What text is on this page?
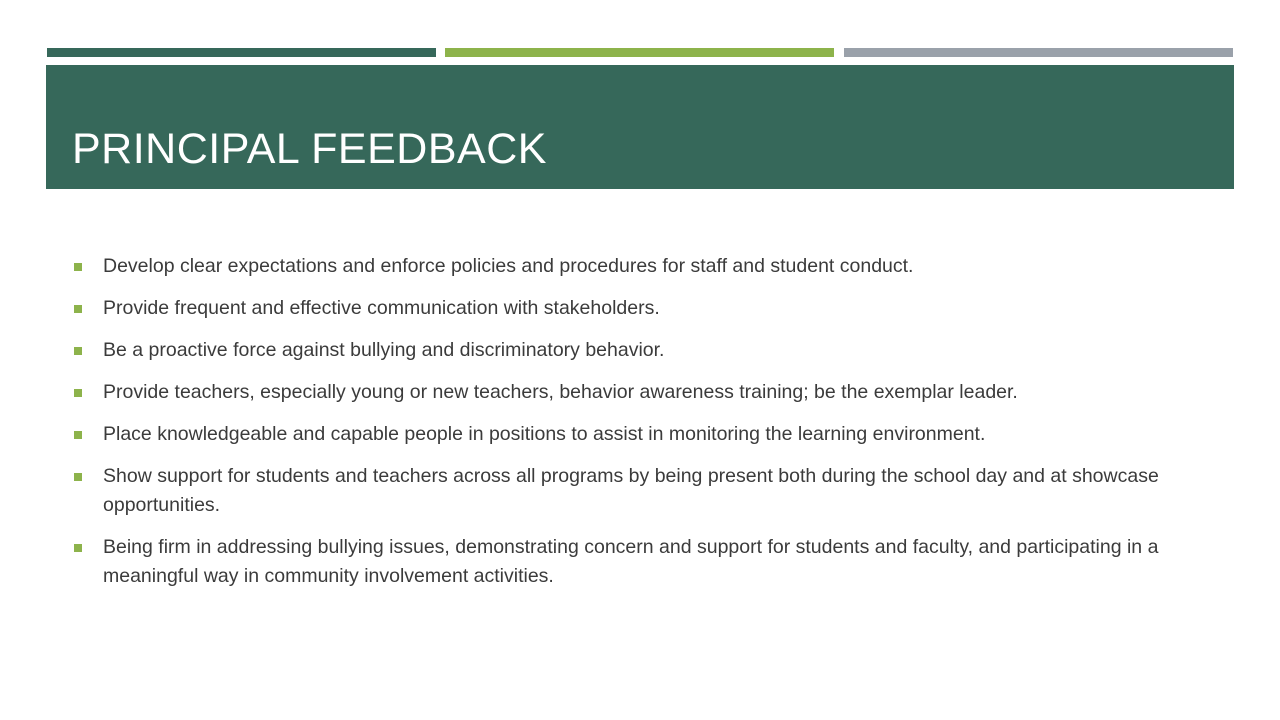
PRINCIPAL FEEDBACK
Develop clear expectations and enforce policies and procedures for staff and student conduct.
Provide frequent and effective communication with stakeholders.
Be a proactive force against bullying and discriminatory behavior.
Provide teachers, especially young or new teachers, behavior awareness training; be the exemplar leader.
Place knowledgeable and capable people in positions to assist in monitoring the learning environment.
Show support for students and teachers across all programs by being present both during the school day and at showcase opportunities.
Being firm in addressing bullying issues, demonstrating concern and support for students and faculty, and participating in a meaningful way in community involvement activities.
